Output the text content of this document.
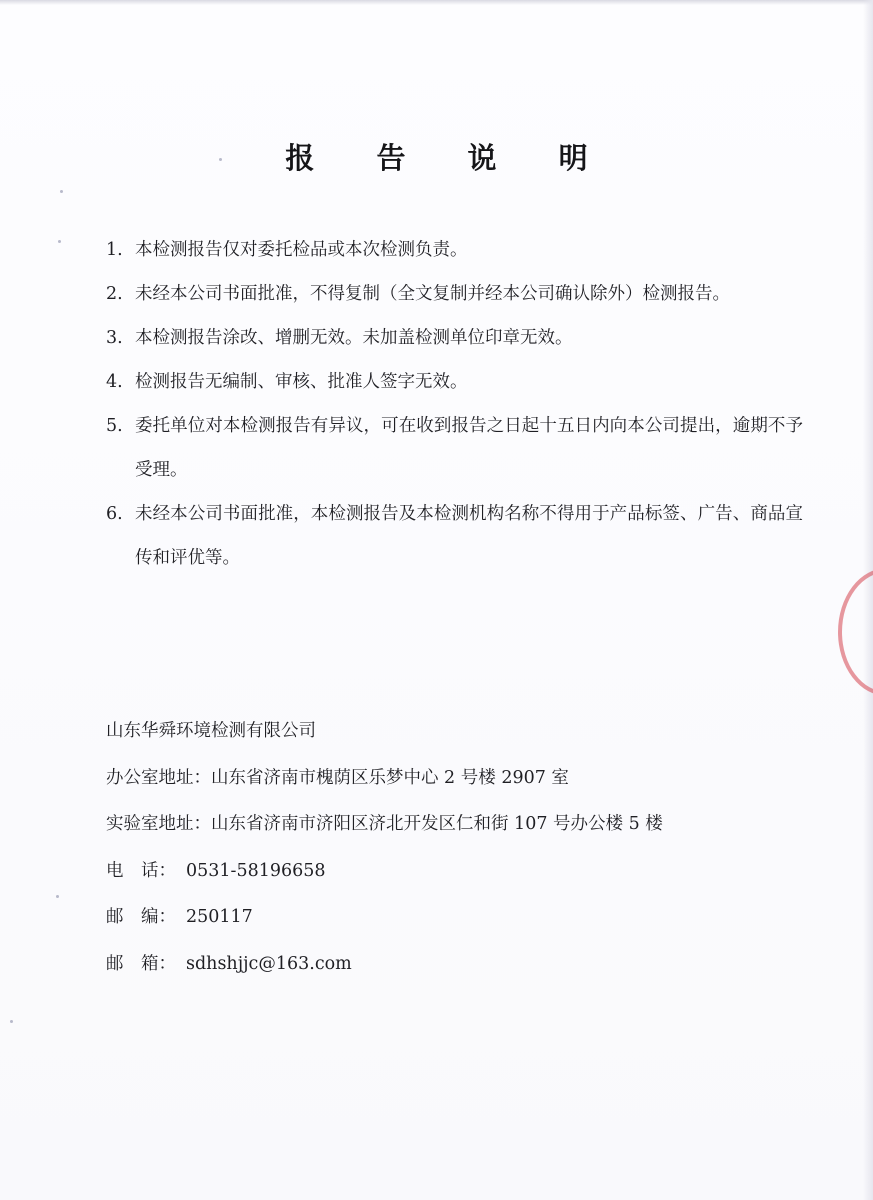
报 告 说 明
1. 本检测报告仅对委托检品或本次检测负责。
2. 未经本公司书面批准，不得复制（全文复制并经本公司确认除外）检测报告。
3. 本检测报告涂改、增删无效。未加盖检测单位印章无效。
4. 检测报告无编制、审核、批准人签字无效。
5. 委托单位对本检测报告有异议，可在收到报告之日起十五日内向本公司提出，逾期不予受理。
6. 未经本公司书面批准，本检测报告及本检测机构名称不得用于产品标签、广告、商品宣传和评优等。
山东华舜环境检测有限公司
办公室地址：山东省济南市槐荫区乐梦中心 2 号楼 2907 室
实验室地址：山东省济南市济阳区济北开发区仁和街 107 号办公楼 5 楼
电　话： 0531-58196658
邮　编： 250117
邮　箱： sdhshjjc@163.com
